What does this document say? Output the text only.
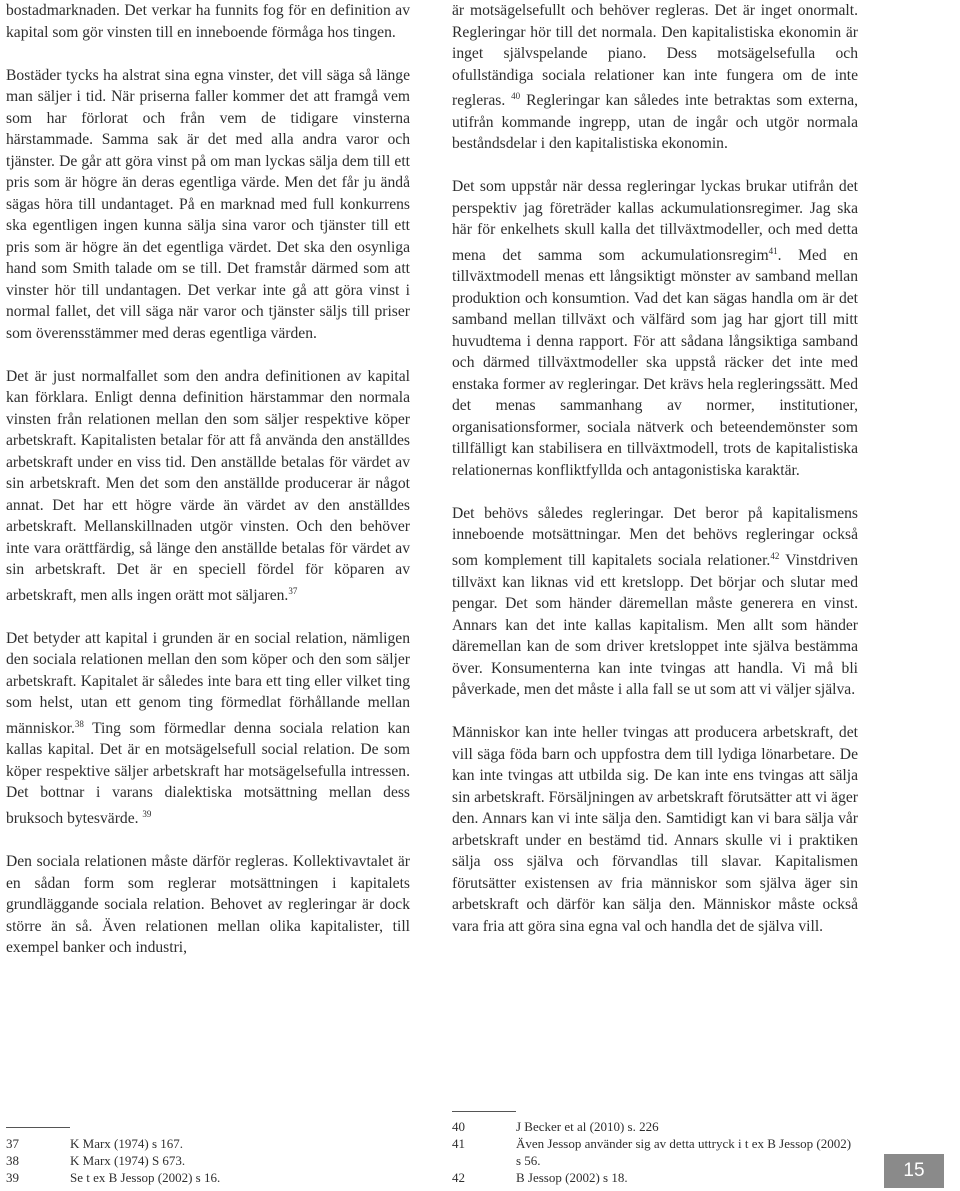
bostadmarknaden. Det verkar ha funnits fog för en definition av kapital som gör vinsten till en inneboende förmåga hos tingen.

Bostäder tycks ha alstrat sina egna vinster, det vill säga så länge man säljer i tid. När priserna faller kommer det att framgå vem som har förlorat och från vem de tidigare vinsterna härstammade. Samma sak är det med alla andra varor och tjänster. De går att göra vinst på om man lyckas sälja dem till ett pris som är högre än deras egentliga värde. Men det får ju ändå sägas höra till undantaget. På en marknad med full konkurrens ska egentligen ingen kunna sälja sina varor och tjänster till ett pris som är högre än det egentliga värdet. Det ska den osynliga hand som Smith talade om se till. Det framstår därmed som att vinster hör till undantagen. Det verkar inte gå att göra vinst i normal fallet, det vill säga när varor och tjänster säljs till priser som överensstämmer med deras egentliga värden.

Det är just normalfallet som den andra definitionen av kapital kan förklara. Enligt denna definition härstammar den normala vinsten från relationen mellan den som säljer respektive köper arbetskraft. Kapitalisten betalar för att få använda den anställdes arbetskraft under en viss tid. Den anställde betalas för värdet av sin arbetskraft. Men det som den anställde producerar är något annat. Det har ett högre värde än värdet av den anställdes arbetskraft. Mellanskillnaden utgör vinsten. Och den behöver inte vara orättfärdig, så länge den anställde betalas för värdet av sin arbetskraft. Det är en speciell fördel för köparen av arbetskraft, men alls ingen orätt mot säljaren.$^{37}$

Det betyder att kapital i grunden är en social relation, nämligen den sociala relationen mellan den som köper och den som säljer arbetskraft. Kapitalet är således inte bara ett ting eller vilket ting som helst, utan ett genom ting förmedlat förhållande mellan människor.$^{38}$ Ting som förmedlar denna sociala relation kan kallas kapital. Det är en motsägelsefull social relation. De som köper respektive säljer arbetskraft har motsägelsefulla intressen. Det bottnar i varans dialektiska motsättning mellan dess bruksoch bytesvärde. $^{39}$

Den sociala relationen måste därför regleras. Kollektivavtalet är en sådan form som reglerar motsättningen i kapitalets grundläggande sociala relation. Behovet av regleringar är dock större än så. Även relationen mellan olika kapitalister, till exempel banker och industri,

är motsägelsefullt och behöver regleras. Det är inget onormalt. Regleringar hör till det normala. Den kapitalistiska ekonomin är inget självspelande piano. Dess motsägelsefulla och ofullständiga sociala relationer kan inte fungera om de inte regleras. $^{40}$ Regleringar kan således inte betraktas som externa, utifrån kommande ingrepp, utan de ingår och utgör normala beståndsdelar i den kapitalistiska ekonomin.

Det som uppstår när dessa regleringar lyckas brukar utifrån det perspektiv jag företräder kallas ackumulationsregimer. Jag ska här för enkelhets skull kalla det tillväxtmodeller, och med detta mena det samma som ackumulationsregim$^{41}$. Med en tillväxtmodell menas ett långsiktigt mönster av samband mellan produktion och konsumtion. Vad det kan sägas handla om är det samband mellan tillväxt och välfärd som jag har gjort till mitt huvudtema i denna rapport. För att sådana långsiktiga samband och därmed tillväxtmodeller ska uppstå räcker det inte med enstaka former av regleringar. Det krävs hela regleringssätt. Med det menas sammanhang av normer, institutioner, organisationsformer, sociala nätverk och beteendemönster som tillfälligt kan stabilisera en tillväxtmodell, trots de kapitalistiska relationernas konfliktfyllda och antagonistiska karaktär.

Det behövs således regleringar. Det beror på kapitalismens inneboende motsättningar. Men det behövs regleringar också som komplement till kapitalets sociala relationer.$^{42}$ Vinstdriven tillväxt kan liknas vid ett kretslopp. Det börjar och slutar med pengar. Det som händer däremellan måste generera en vinst. Annars kan det inte kallas kapitalism. Men allt som händer däremellan kan de som driver kretsloppet inte själva bestämma över. Konsumenterna kan inte tvingas att handla. Vi må bli påverkade, men det måste i alla fall se ut som att vi väljer själva.

Människor kan inte heller tvingas att producera arbetskraft, det vill säga föda barn och uppfostra dem till lydiga lönarbetare. De kan inte tvingas att utbilda sig. De kan inte ens tvingas att sälja sin arbetskraft. Försäljningen av arbetskraft förutsätter att vi äger den. Annars kan vi inte sälja den. Samtidigt kan vi bara sälja vår arbetskraft under en bestämd tid. Annars skulle vi i praktiken sälja oss själva och förvandlas till slavar. Kapitalismen förutsätter existensen av fria människor som själva äger sin arbetskraft och därför kan sälja den. Människor måste också vara fria att göra sina egna val och handla det de själva vill.

37	K Marx (1974) s 167.
38	K Marx (1974) S 673.
39	Se t ex B Jessop (2002) s 16.
40	J Becker et al (2010) s. 226
41	Även Jessop använder sig av detta uttryck i t ex B Jessop (2002) s 56.
42	B Jessop (2002) s 18.	15
